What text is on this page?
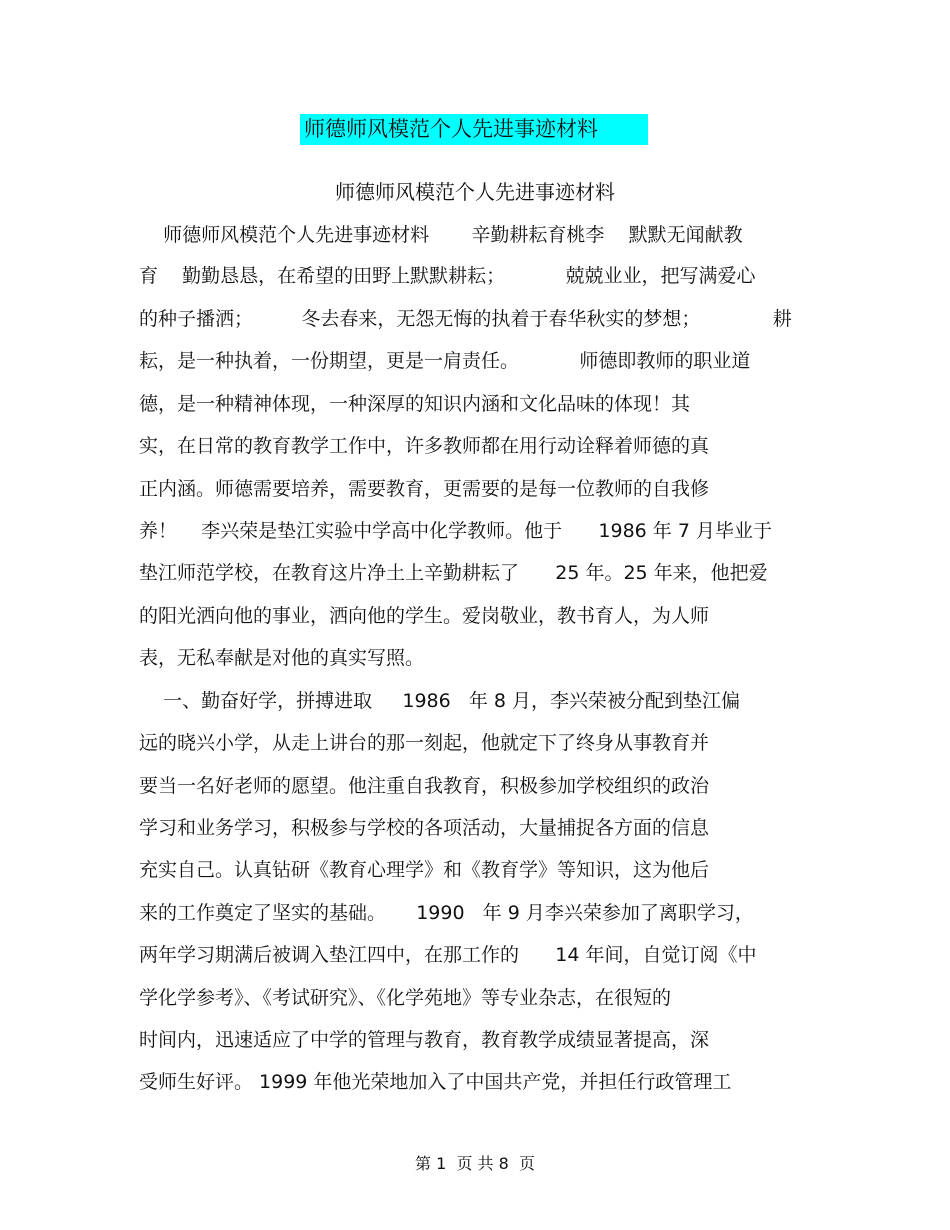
师德师风模范个人先进事迹材料
师德师风模范个人先进事迹材料
师德师风模范个人先进事迹材料       辛勤耕耘育桃李    默默无闻献教
育    勤勤恳恳，在希望的田野上默默耕耘；          兢兢业业，把写满爱心
的种子播洒；        冬去春来，无怨无悔的执着于春华秋实的梦想；            耕
耘，是一种执着，一份期望，更是一肩责任。          师德即教师的职业道
德，是一种精神体现，一种深厚的知识内涵和文化品味的体现！其
实，在日常的教育教学工作中，许多教师都在用行动诠释着师德的真
正内涵。师德需要培养，需要教育，更需要的是每一位教师的自我修
养！    李兴荣是垫江实验中学高中化学教师。他于      1986 年 7 月毕业于
垫江师范学校，在教育这片净土上辛勤耕耘了      25 年。25 年来，他把爱
的阳光洒向他的事业，洒向他的学生。爱岗敬业，教书育人，为人师
表，无私奉献是对他的真实写照。
一、勤奋好学，拼搏进取     1986   年 8 月，李兴荣被分配到垫江偏
远的晓兴小学，从走上讲台的那一刻起，他就定下了终身从事教育并
要当一名好老师的愿望。他注重自我教育，积极参加学校组织的政治
学习和业务学习，积极参与学校的各项活动，大量捕捉各方面的信息
充实自己。认真钻研《教育心理学》和《教育学》等知识，这为他后
来的工作奠定了坚实的基础。     1990   年 9 月李兴荣参加了离职学习，
两年学习期满后被调入垫江四中，在那工作的      14 年间，自觉订阅《中
学化学参考》、《考试研究》、《化学苑地》等专业杂志，在很短的
时间内，迅速适应了中学的管理与教育，教育教学成绩显著提高，深
受师生好评。 1999 年他光荣地加入了中国共产党，并担任行政管理工
第 1  页 共 8  页
